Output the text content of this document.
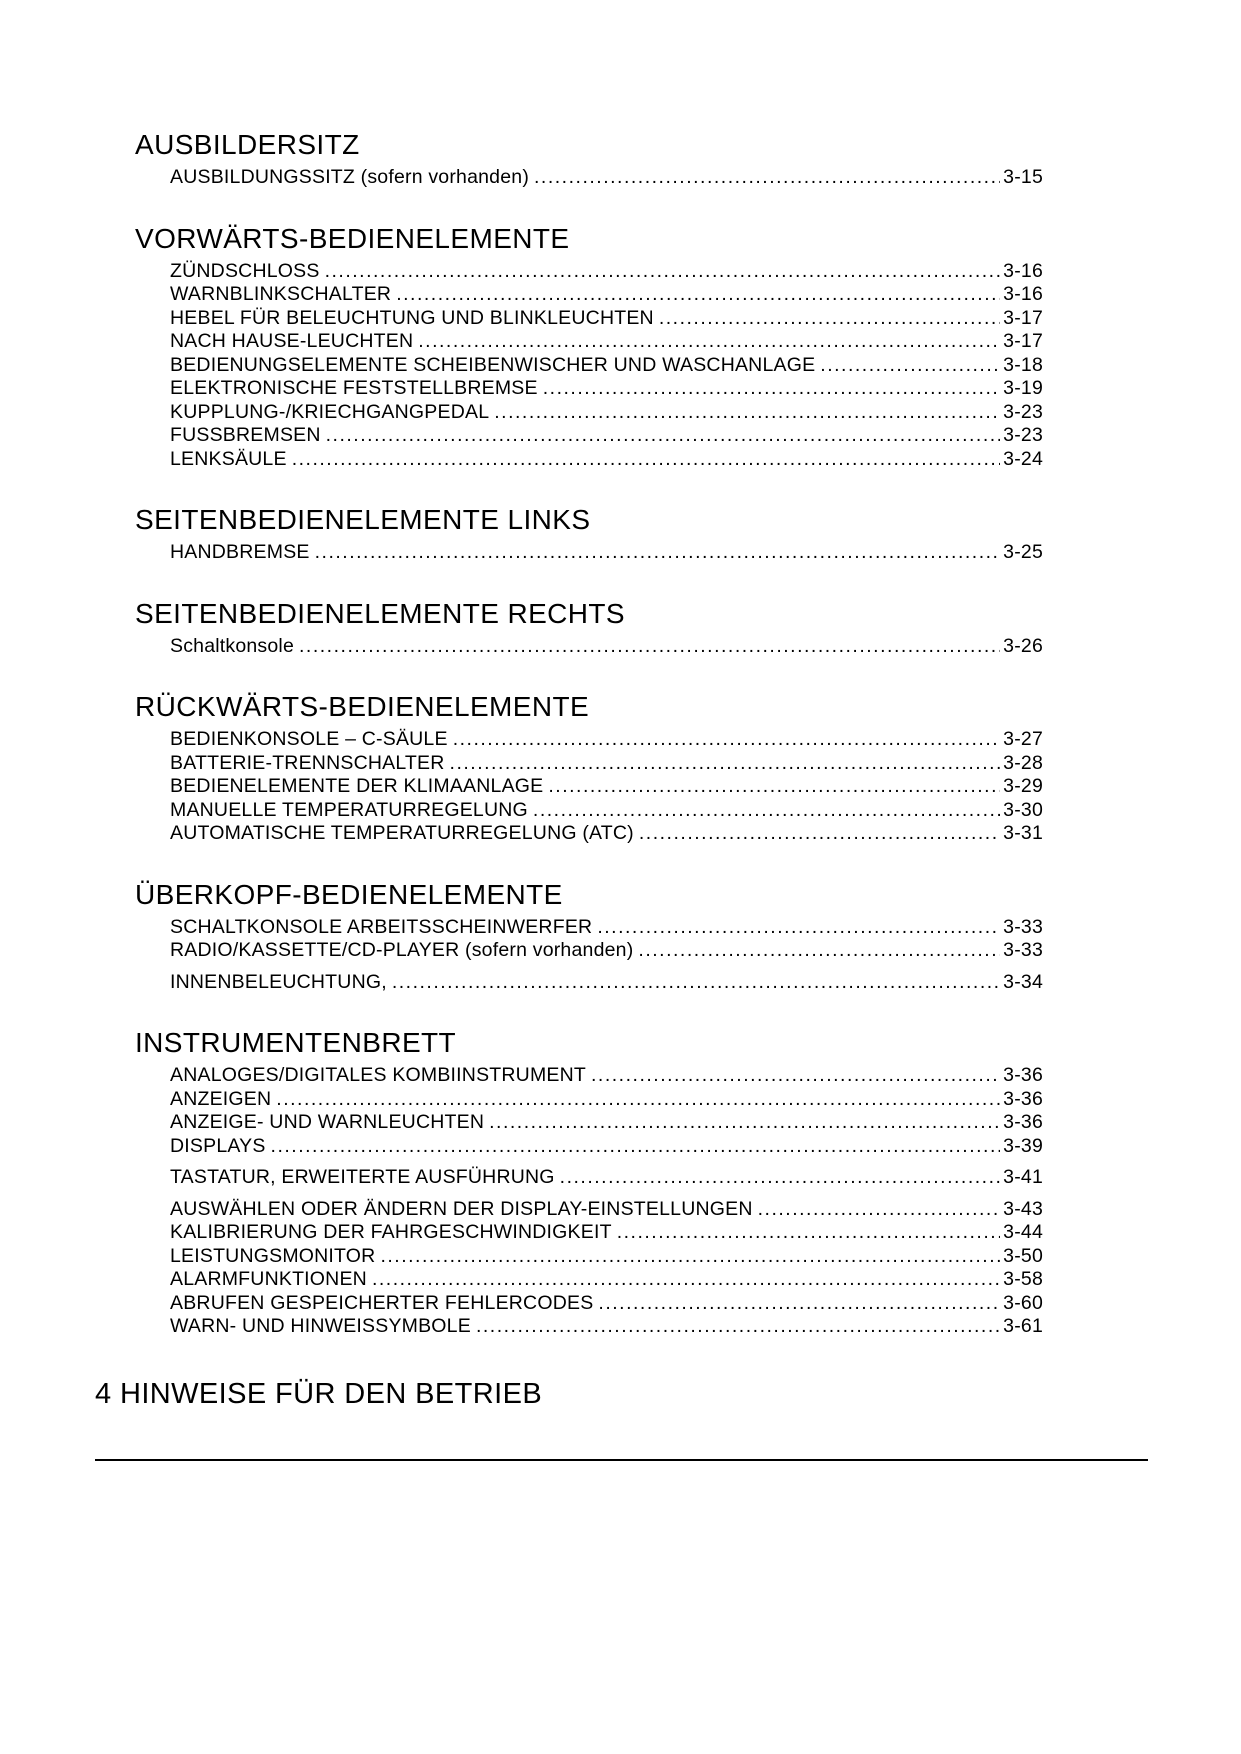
AUSBILDERSITZ
AUSBILDUNGSSITZ (sofern vorhanden) .....	3-15
VORWÄRTS-BEDIENELEMENTE
ZÜNDSCHLOSS .....	3-16
WARNBLINKSCHALTER .....	3-16
HEBEL FÜR BELEUCHTUNG UND BLINKLEUCHTEN .....	3-17
NACH HAUSE-LEUCHTEN .....	3-17
BEDIENUNGSELEMENTE SCHEIBENWISCHER UND WASCHANLAGE .....	3-18
ELEKTRONISCHE FESTSTELLBREMSE .....	3-19
KUPPLUNG-/KRIECHGANGPEDAL .....	3-23
FUSSBREMSEN .....	3-23
LENKSÄULE .....	3-24
SEITENBEDIENELEMENTE LINKS
HANDBREMSE .....	3-25
SEITENBEDIENELEMENTE RECHTS
Schaltkonsole .....	3-26
RÜCKWÄRTS-BEDIENELEMENTE
BEDIENKONSOLE – C-SÄULE .....	3-27
BATTERIE-TRENNSCHALTER .....	3-28
BEDIENELEMENTE DER KLIMAANLAGE .....	3-29
MANUELLE TEMPERATURREGELUNG .....	3-30
AUTOMATISCHE TEMPERATURREGELUNG (ATC) .....	3-31
ÜBERKOPF-BEDIENELEMENTE
SCHALTKONSOLE ARBEITSSCHEINWERFER .....	3-33
RADIO/KASSETTE/CD-PLAYER (sofern vorhanden) .....	3-33
INNENBELEUCHTUNG, .....	3-34
INSTRUMENTENBRETT
ANALOGES/DIGITALES KOMBIINSTRUMENT .....	3-36
ANZEIGEN .....	3-36
ANZEIGE- UND WARNLEUCHTEN .....	3-36
DISPLAYS .....	3-39
TASTATUR, ERWEITERTE AUSFÜHRUNG .....	3-41
AUSWÄHLEN ODER ÄNDERN DER DISPLAY-EINSTELLUNGEN .....	3-43
KALIBRIERUNG DER FAHRGESCHWINDIGKEIT .....	3-44
LEISTUNGSMONITOR .....	3-50
ALARMFUNKTIONEN .....	3-58
ABRUFEN GESPEICHERTER FEHLERCODES .....	3-60
WARN- UND HINWEISSYMBOLE .....	3-61
4 HINWEISE FÜR DEN BETRIEB
